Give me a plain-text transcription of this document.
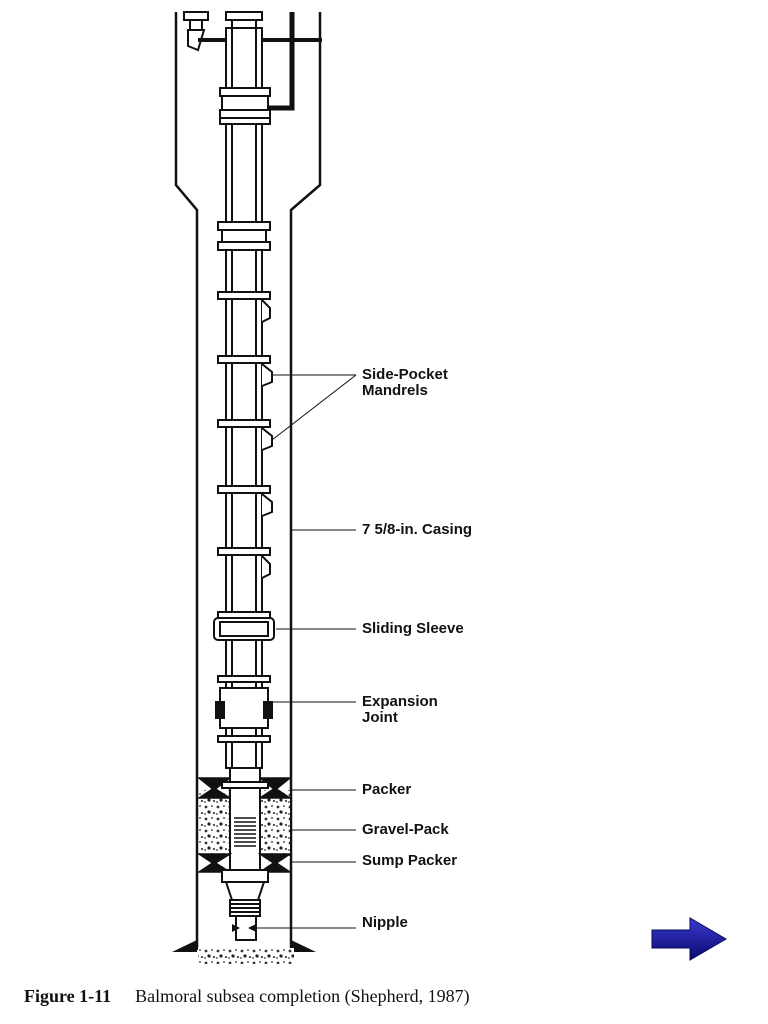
Side-Pocket
Mandrels
7 5/8-in. Casing
Sliding Sleeve
Expansion
Joint
Packer
Gravel-Pack
Sump Packer
Nipple
Figure 1-11 Balmoral subsea completion (Shepherd, 1987)
